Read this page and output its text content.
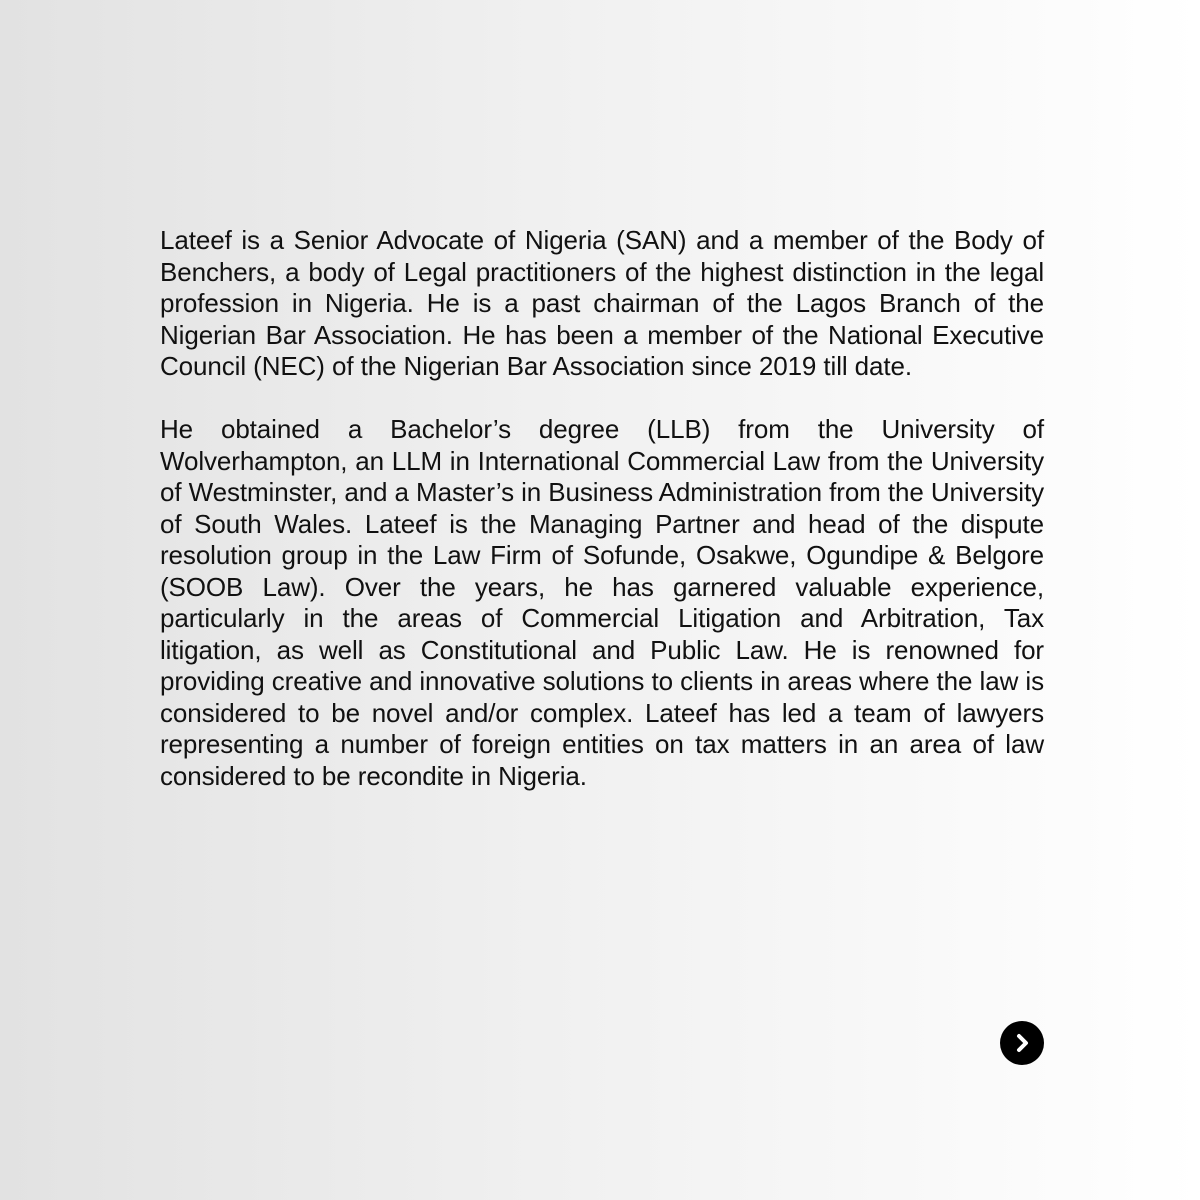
Lateef is a Senior Advocate of Nigeria (SAN) and a member of the Body of Benchers, a body of Legal practitioners of the highest distinction in the legal profession in Nigeria. He is a past chairman of the Lagos Branch of the Nigerian Bar Association. He has been a member of the National Executive Council (NEC) of the Nigerian Bar Association since 2019 till date.

He obtained a Bachelor’s degree (LLB) from the University of Wolverhampton, an LLM in International Commercial Law from the University of Westminster, and a Master’s in Business Administration from the University of South Wales. Lateef is the Managing Partner and head of the dispute resolution group in the Law Firm of Sofunde, Osakwe, Ogundipe & Belgore (SOOB Law). Over the years, he has garnered valuable experience, particularly in the areas of Commercial Litigation and Arbitration, Tax litigation, as well as Constitutional and Public Law. He is renowned for providing creative and innovative solutions to clients in areas where the law is considered to be novel and/or complex. Lateef has led a team of lawyers representing a number of foreign entities on tax matters in an area of law considered to be recondite in Nigeria.
